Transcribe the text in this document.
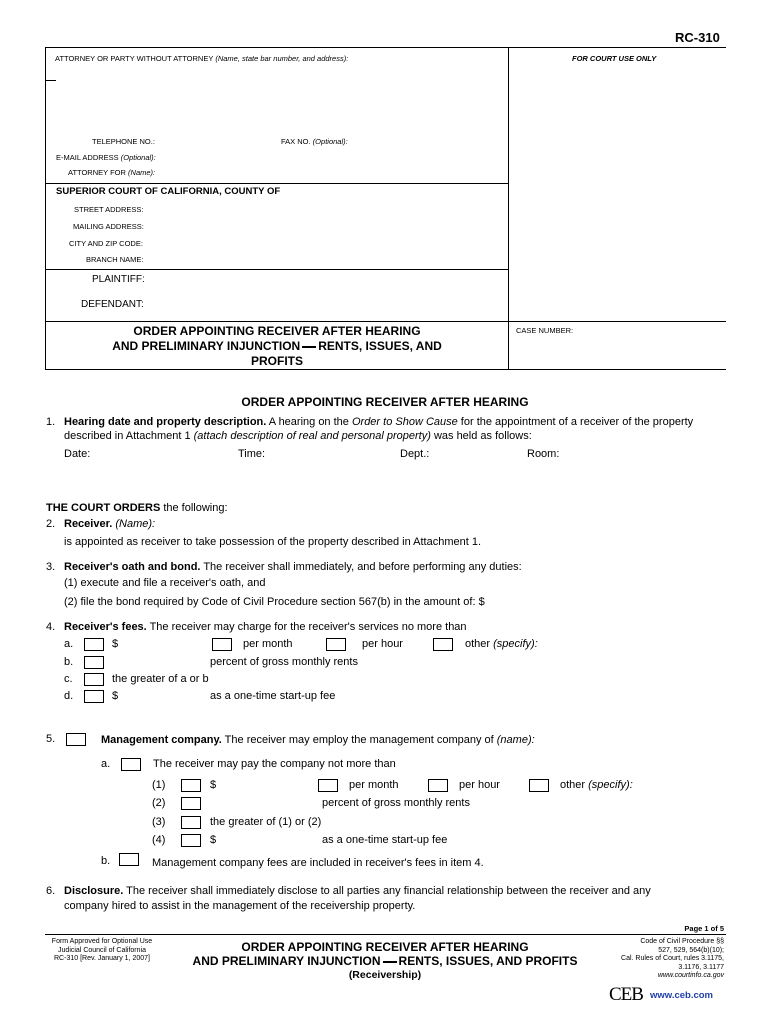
RC-310
ATTORNEY OR PARTY WITHOUT ATTORNEY (Name, state bar number, and address):	FOR COURT USE ONLY
TELEPHONE NO.:	FAX NO. (Optional):
E-MAIL ADDRESS (Optional):
ATTORNEY FOR (Name):
SUPERIOR COURT OF CALIFORNIA, COUNTY OF
STREET ADDRESS:
MAILING ADDRESS:
CITY AND ZIP CODE:
BRANCH NAME:
PLAINTIFF:
DEFENDANT:
ORDER APPOINTING RECEIVER AFTER HEARING
AND PRELIMINARY INJUNCTION RENTS, ISSUES, AND
PROFITS
CASE NUMBER:
ORDER APPOINTING RECEIVER AFTER HEARING
1. Hearing date and property description. A hearing on the Order to Show Cause for the appointment of a receiver of the property
described in Attachment 1 (attach description of real and personal property) was held as follows:
Date:	Time:	Dept.:	Room:
THE COURT ORDERS the following:
2. Receiver. (Name):
is appointed as receiver to take possession of the property described in Attachment 1.
3. Receiver's oath and bond. The receiver shall immediately, and before performing any duties:
(1) execute and file a receiver's oath, and
(2) file the bond required by Code of Civil Procedure section 567(b) in the amount of: $
4. Receiver's fees. The receiver may charge for the receiver's services no more than
a.	$	per month	per hour	other (specify):
b.	percent of gross monthly rents
c.	the greater of a or b
d.	$	as a one-time start-up fee
5.	Management company. The receiver may employ the management company of (name):
a.	The receiver may pay the company not more than
(1)	$	per month	per hour	other (specify):
(2)	percent of gross monthly rents
(3)	the greater of (1) or (2)
(4)	$	as a one-time start-up fee
b.	Management company fees are included in receiver's fees in item 4.
6. Disclosure. The receiver shall immediately disclose to all parties any financial relationship between the receiver and any
company hired to assist in the management of the receivership property.
Page 1 of 5
Form Approved for Optional Use
Judicial Council of California
RC-310 [Rev. January 1, 2007]
ORDER APPOINTING RECEIVER AFTER HEARING
AND PRELIMINARY INJUNCTION RENTS, ISSUES, AND PROFITS
(Receivership)
Code of Civil Procedure §§
527, 529, 564(b)(10);
Cal. Rules of Court, rules 3.1175,
3.1176, 3.1177
www.courtinfo.ca.gov
CEB www.ceb.com
